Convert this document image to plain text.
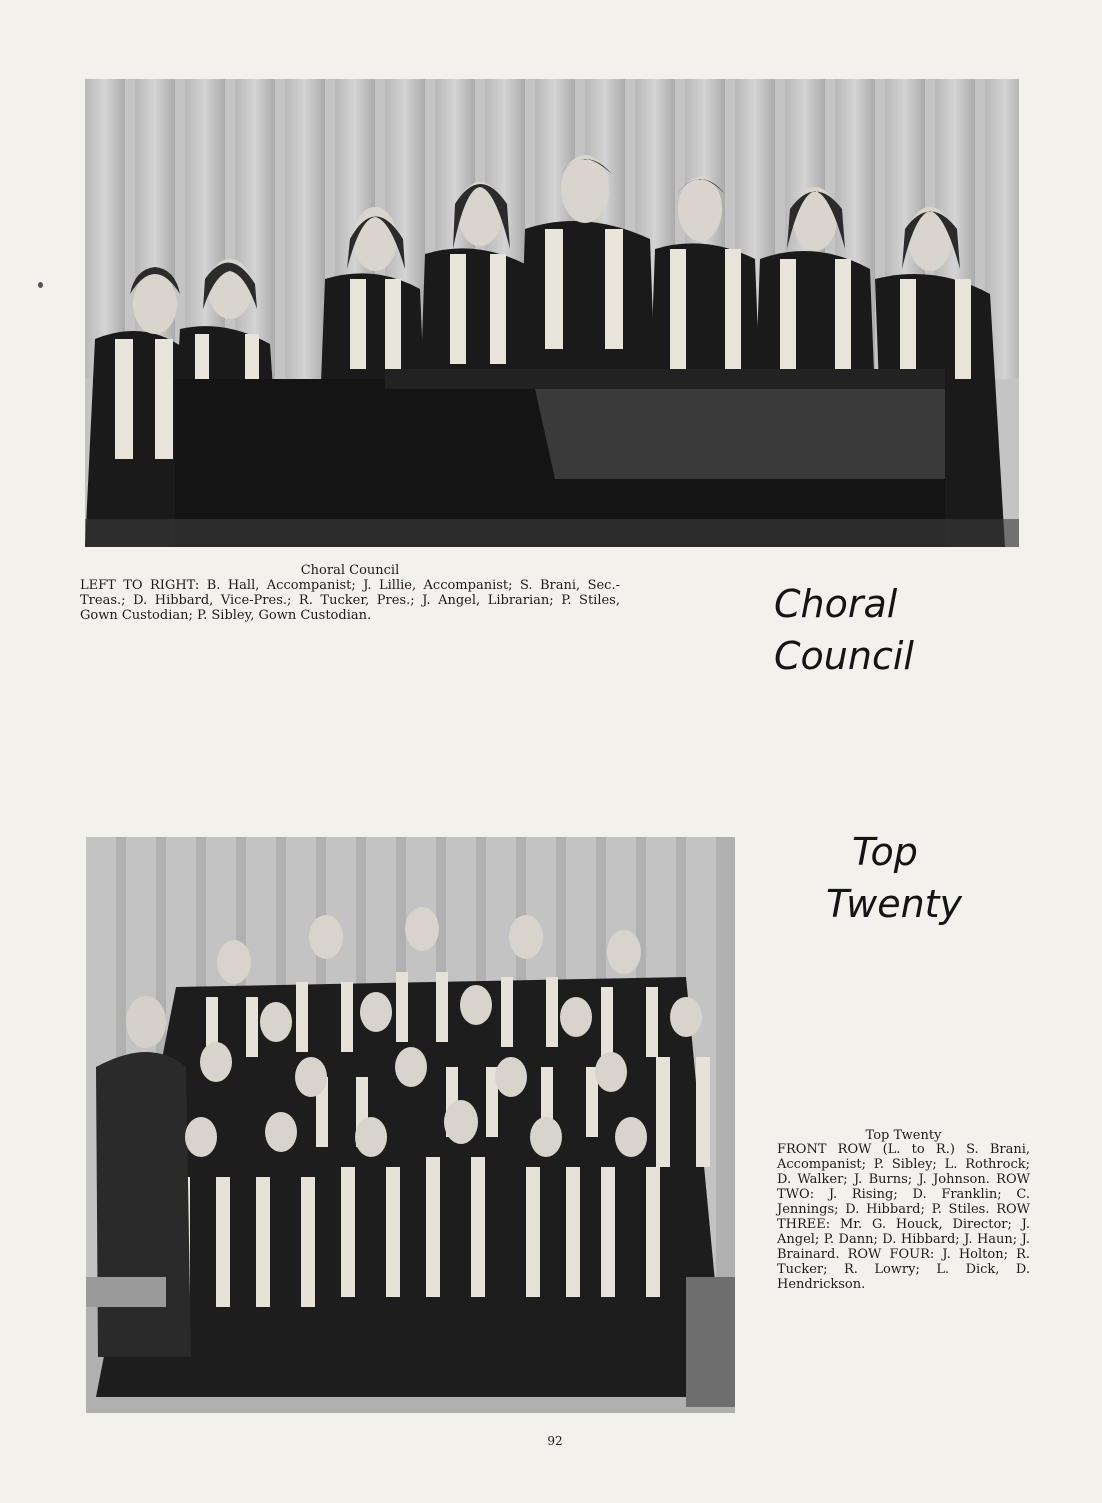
Choral Council
LEFT TO RIGHT: B. Hall, Accompanist; J. Lillie, Accompanist; S. Brani, Sec.-Treas.; D. Hibbard, Vice-Pres.; R. Tucker, Pres.; J. Angel, Librarian; P. Stiles, Gown Custodian; P. Sibley, Gown Custodian.	Choral
Council
Top
Twenty
Top Twenty
FRONT ROW (L. to R.) S. Brani, Accompanist; P. Sibley; L. Rothrock; D. Walker; J. Burns; J. Johnson. ROW TWO: J. Rising; D. Franklin; C. Jennings; D. Hibbard; P. Stiles. ROW THREE: Mr. G. Houck, Director; J. Angel; P. Dann; D. Hibbard; J. Haun; J. Brainard. ROW FOUR: J. Holton; R. Tucker; R. Lowry; L. Dick, D. Hendrickson.
92
